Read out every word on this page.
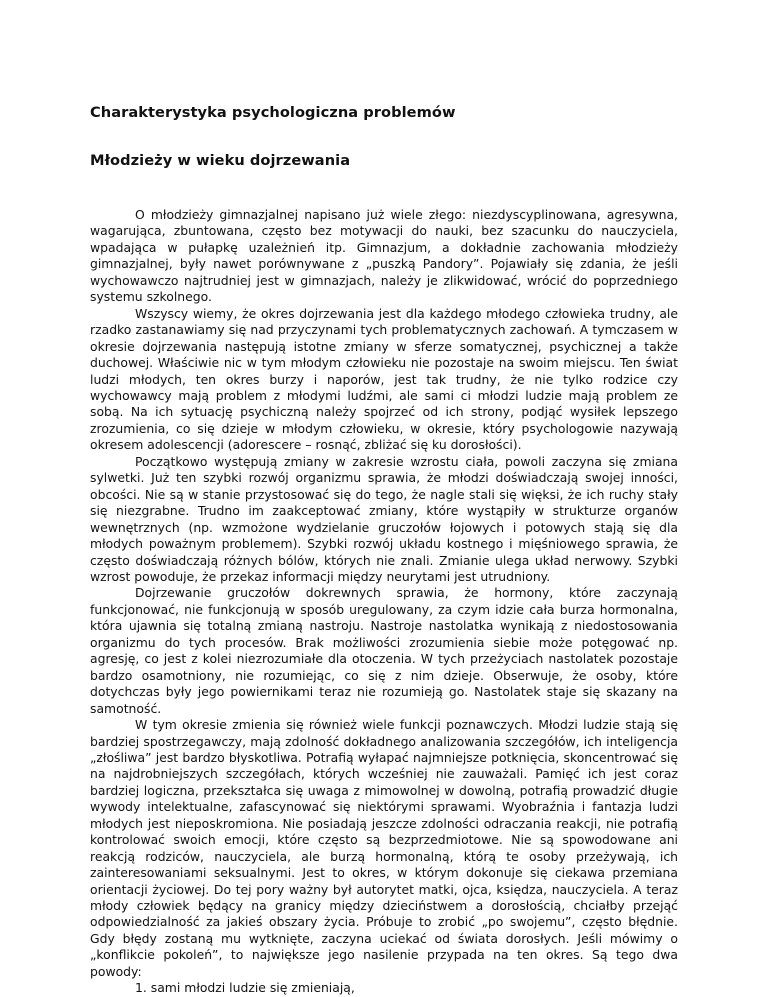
Charakterystyka psychologiczna problemów
Młodzieży w wieku dojrzewania

O młodzieży gimnazjalnej napisano już wiele złego: niezdyscyplinowana, agresywna, wagarująca, zbuntowana, często bez motywacji do nauki, bez szacunku do nauczyciela, wpadająca w pułapkę uzależnień itp. Gimnazjum, a dokładnie zachowania młodzieży gimnazjalnej, były nawet porównywane z „puszką Pandory”. Pojawiały się zdania, że jeśli wychowawczo najtrudniej jest w gimnazjach, należy je zlikwidować, wrócić do poprzedniego systemu szkolnego.

Wszyscy wiemy, że okres dojrzewania jest dla każdego młodego człowieka trudny, ale rzadko zastanawiamy się nad przyczynami tych problematycznych zachowań. A tymczasem w okresie dojrzewania następują istotne zmiany w sferze somatycznej, psychicznej a także duchowej. Właściwie nic w tym młodym człowieku nie pozostaje na swoim miejscu. Ten świat ludzi młodych, ten okres burzy i naporów, jest tak trudny, że nie tylko rodzice czy wychowawcy mają problem z młodymi ludźmi, ale sami ci młodzi ludzie mają problem ze sobą. Na ich sytuację psychiczną należy spojrzeć od ich strony, podjąć wysiłek lepszego zrozumienia, co się dzieje w młodym człowieku, w okresie, który psychologowie nazywają okresem adolescencji (adorescere – rosnąć, zbliżać się ku dorosłości).

Początkowo występują zmiany w zakresie wzrostu ciała, powoli zaczyna się zmiana sylwetki. Już ten szybki rozwój organizmu sprawia, że młodzi doświadczają swojej inności, obcości. Nie są w stanie przystosować się do tego, że nagle stali się więksi, że ich ruchy stały się niezgrabne. Trudno im zaakceptować zmiany, które wystąpiły w strukturze organów wewnętrznych (np. wzmożone wydzielanie gruczołów łojowych i potowych stają się dla młodych poważnym problemem). Szybki rozwój układu kostnego i mięśniowego sprawia, że często doświadczają różnych bólów, których nie znali. Zmianie ulega układ nerwowy. Szybki wzrost powoduje, że przekaz informacji między neurytami jest utrudniony.

Dojrzewanie gruczołów dokrewnych sprawia, że hormony, które zaczynają funkcjonować, nie funkcjonują w sposób uregulowany, za czym idzie cała burza hormonalna, która ujawnia się totalną zmianą nastroju. Nastroje nastolatka wynikają z niedostosowania organizmu do tych procesów. Brak możliwości zrozumienia siebie może potęgować np. agresję, co jest z kolei niezrozumiałe dla otoczenia. W tych przeżyciach nastolatek pozostaje bardzo osamotniony, nie rozumiejąc, co się z nim dzieje. Obserwuje, że osoby, które dotychczas były jego powiernikami teraz nie rozumieją go. Nastolatek staje się skazany na samotność.

W tym okresie zmienia się również wiele funkcji poznawczych. Młodzi ludzie stają się bardziej spostrzegawczy, mają zdolność dokładnego analizowania szczegółów, ich inteligencja „złośliwa” jest bardzo błyskotliwa. Potrafią wyłapać najmniejsze potknięcia, skoncentrować się na najdrobniejszych szczegółach, których wcześniej nie zauważali. Pamięć ich jest coraz bardziej logiczna, przekształca się uwaga z mimowolnej w dowolną, potrafią prowadzić długie wywody intelektualne, zafascynować się niektórymi sprawami. Wyobraźnia i fantazja ludzi młodych jest nieposkromiona. Nie posiadają jeszcze zdolności odraczania reakcji, nie potrafią kontrolować swoich emocji, które często są bezprzedmiotowe. Nie są spowodowane ani reakcją rodziców, nauczyciela, ale burzą hormonalną, którą te osoby przeżywają, ich zainteresowaniami seksualnymi. Jest to okres, w którym dokonuje się ciekawa przemiana orientacji życiowej. Do tej pory ważny był autorytet matki, ojca, księdza, nauczyciela. A teraz młody człowiek będący na granicy między dzieciństwem a dorosłością, chciałby przejąć odpowiedzialność za jakieś obszary życia. Próbuje to zrobić „po swojemu”, często błędnie. Gdy błędy zostaną mu wytknięte, zaczyna uciekać od świata dorosłych. Jeśli mówimy o „konflikcie pokoleń”, to największe jego nasilenie przypada na ten okres. Są tego dwa powody:

1. sami młodzi ludzie się zmieniają,
